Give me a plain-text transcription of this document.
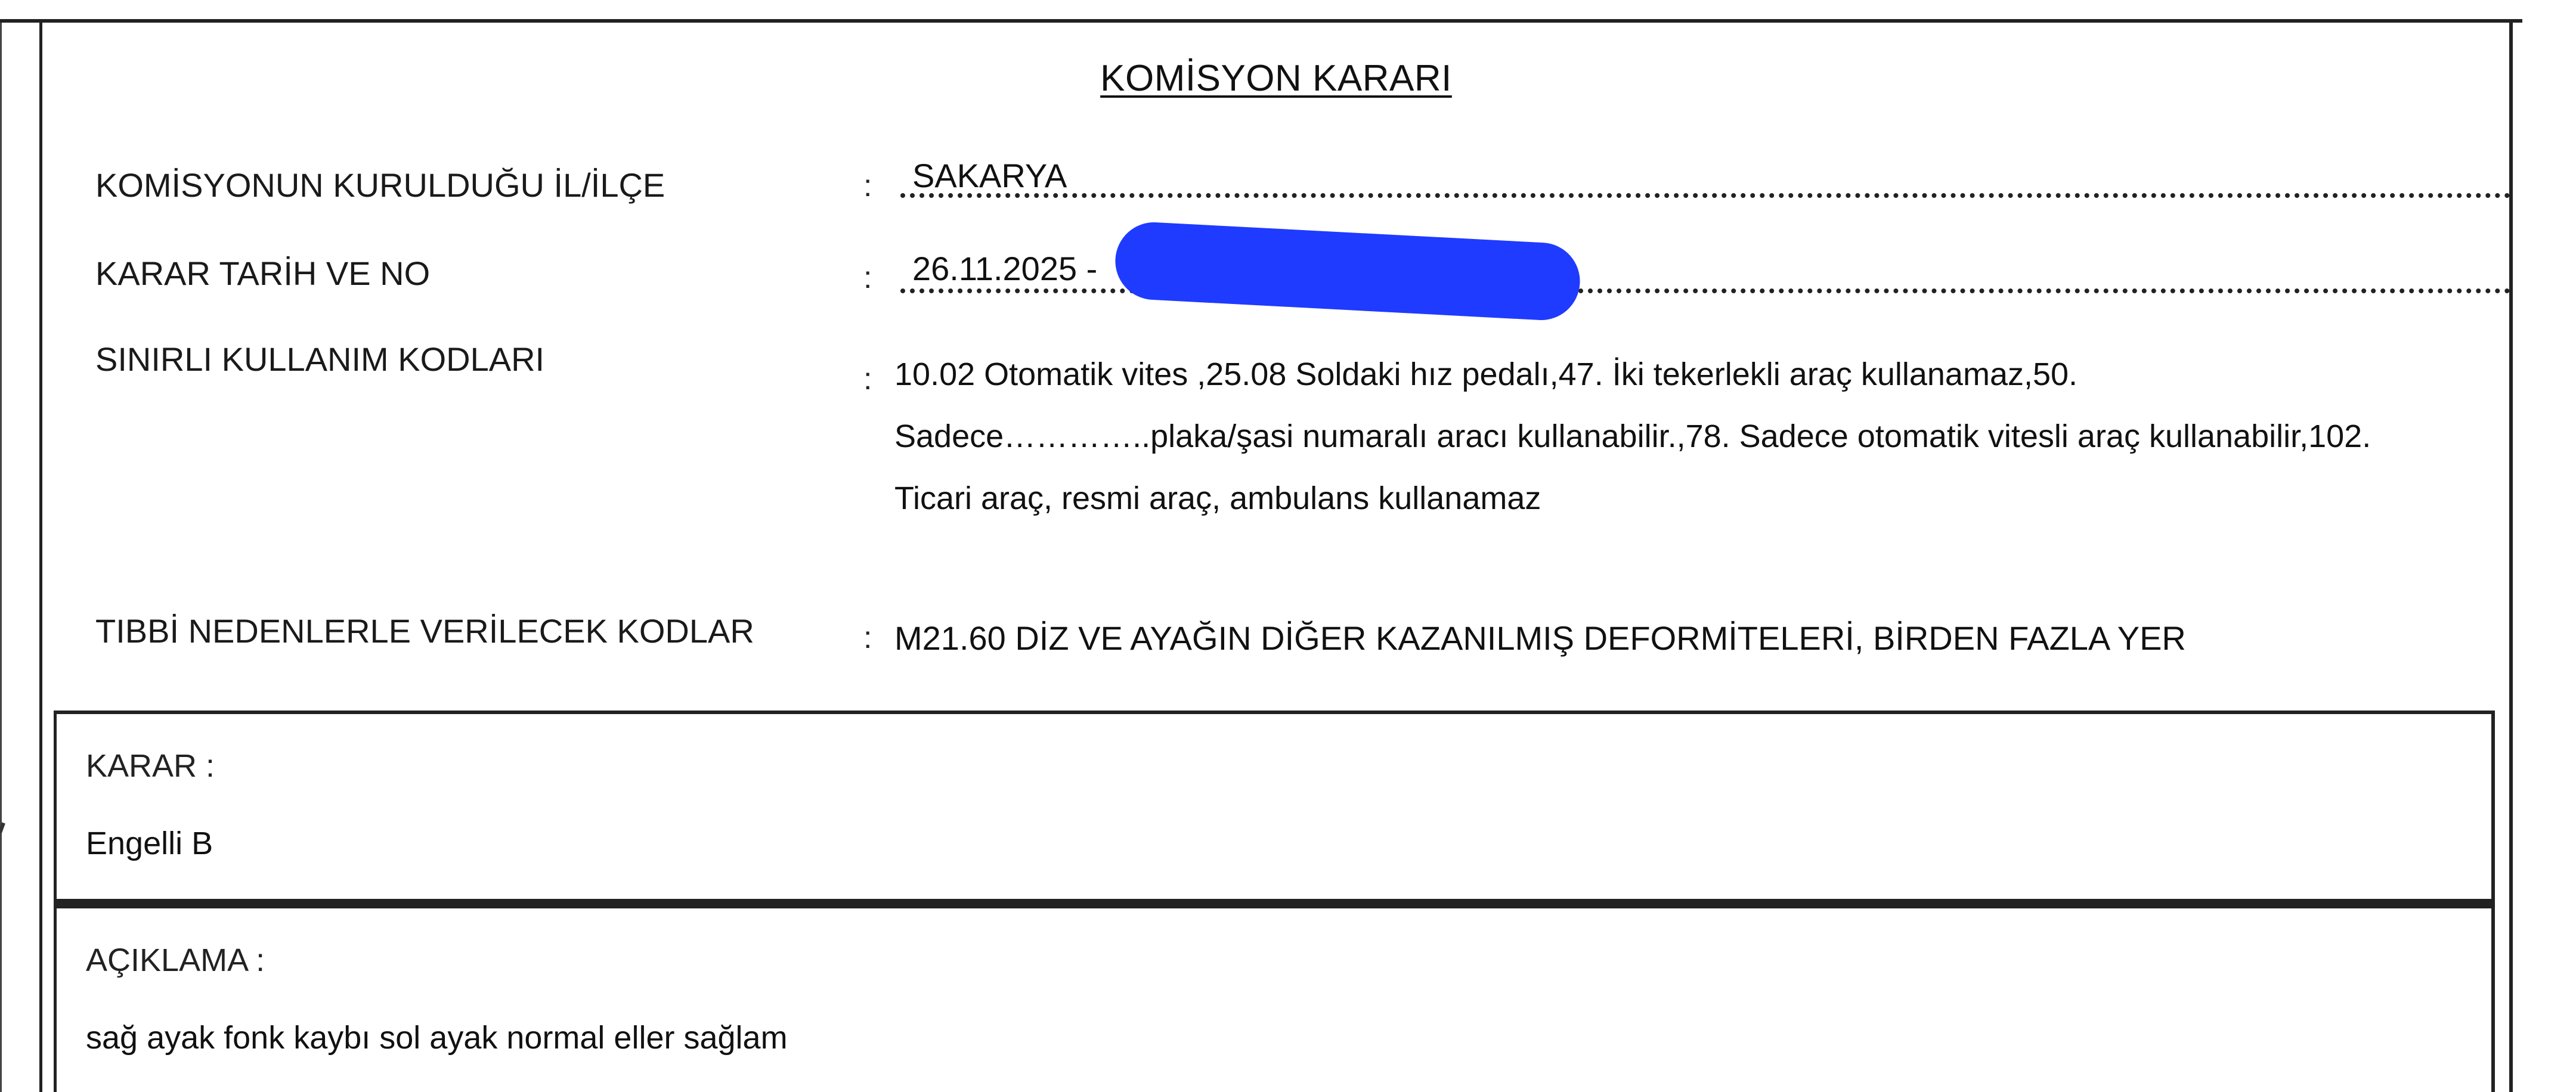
KOMİSYON KARARI
KOMİSYONUN KURULDUĞU İL/İLÇE	: SAKARYA
KARAR TARİH VE NO	: 26.11.2025 -
SINIRLI KULLANIM KODLARI
: 10.02 Otomatik vites ,25.08 Soldaki hız pedalı,47. İki tekerlekli araç kullanamaz,50. Sadece…………..plaka/şasi numaralı aracı kullanabilir.,78. Sadece otomatik vitesli araç kullanabilir,102. Ticari araç, resmi araç, ambulans kullanamaz
TIBBİ NEDENLERLE VERİLECEK KODLAR	: M21.60 DİZ VE AYAĞIN DİĞER KAZANILMIŞ DEFORMİTELERİ, BİRDEN FAZLA YER
KARAR :
Engelli B
AÇIKLAMA :
sağ ayak fonk kaybı sol ayak normal eller sağlam
